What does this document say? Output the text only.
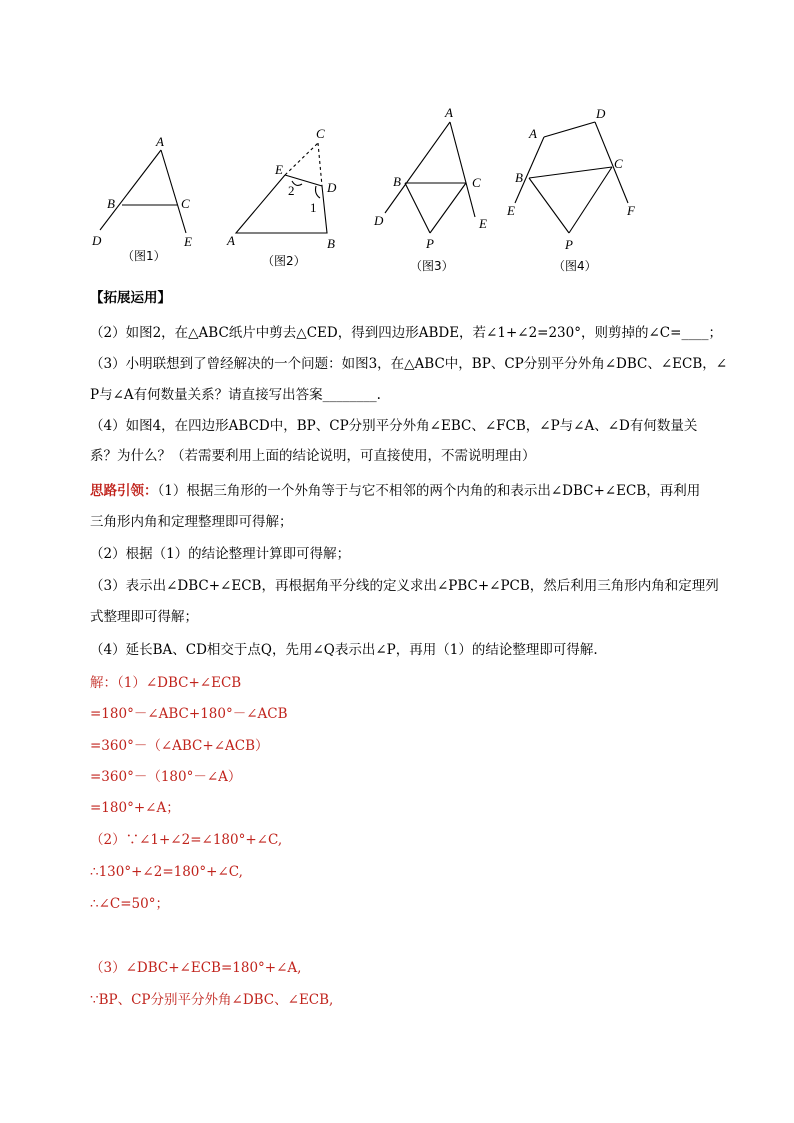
A
B	C
D	E
（图1）
C
E
D
2
1
A	B
（图2）
A
B	C
D	E
P
（图3）
A
D
B
C
E	F
P
（图4）
【拓展运用】
（2）如图2，在△ABC纸片中剪去△CED，得到四边形ABDE，若∠1+∠2=230°，则剪掉的∠C=____；
（3）小明联想到了曾经解决的一个问题：如图3，在△ABC中，BP、CP分别平分外角∠DBC、∠ECB，∠
P与∠A有何数量关系？请直接写出答案________.
（4）如图4，在四边形ABCD中，BP、CP分别平分外角∠EBC、∠FCB，∠P与∠A、∠D有何数量关
系？为什么？（若需要利用上面的结论说明，可直接使用，不需说明理由）
思路引领：（1）根据三角形的一个外角等于与它不相邻的两个内角的和表示出∠DBC+∠ECB，再利用
三角形内角和定理整理即可得解；
（2）根据（1）的结论整理计算即可得解；
（3）表示出∠DBC+∠ECB，再根据角平分线的定义求出∠PBC+∠PCB，然后利用三角形内角和定理列
式整理即可得解；
（4）延长BA、CD相交于点Q，先用∠Q表示出∠P，再用（1）的结论整理即可得解.
解：（1）∠DBC+∠ECB
=180°－∠ABC+180°－∠ACB
=360°－（∠ABC+∠ACB）
=360°－（180°－∠A）
=180°+∠A；
（2）∵∠1+∠2=∠180°+∠C,
∴130°+∠2=180°+∠C,
∴∠C=50°；
（3）∠DBC+∠ECB=180°+∠A,
∵BP、CP分别平分外角∠DBC、∠ECB,
